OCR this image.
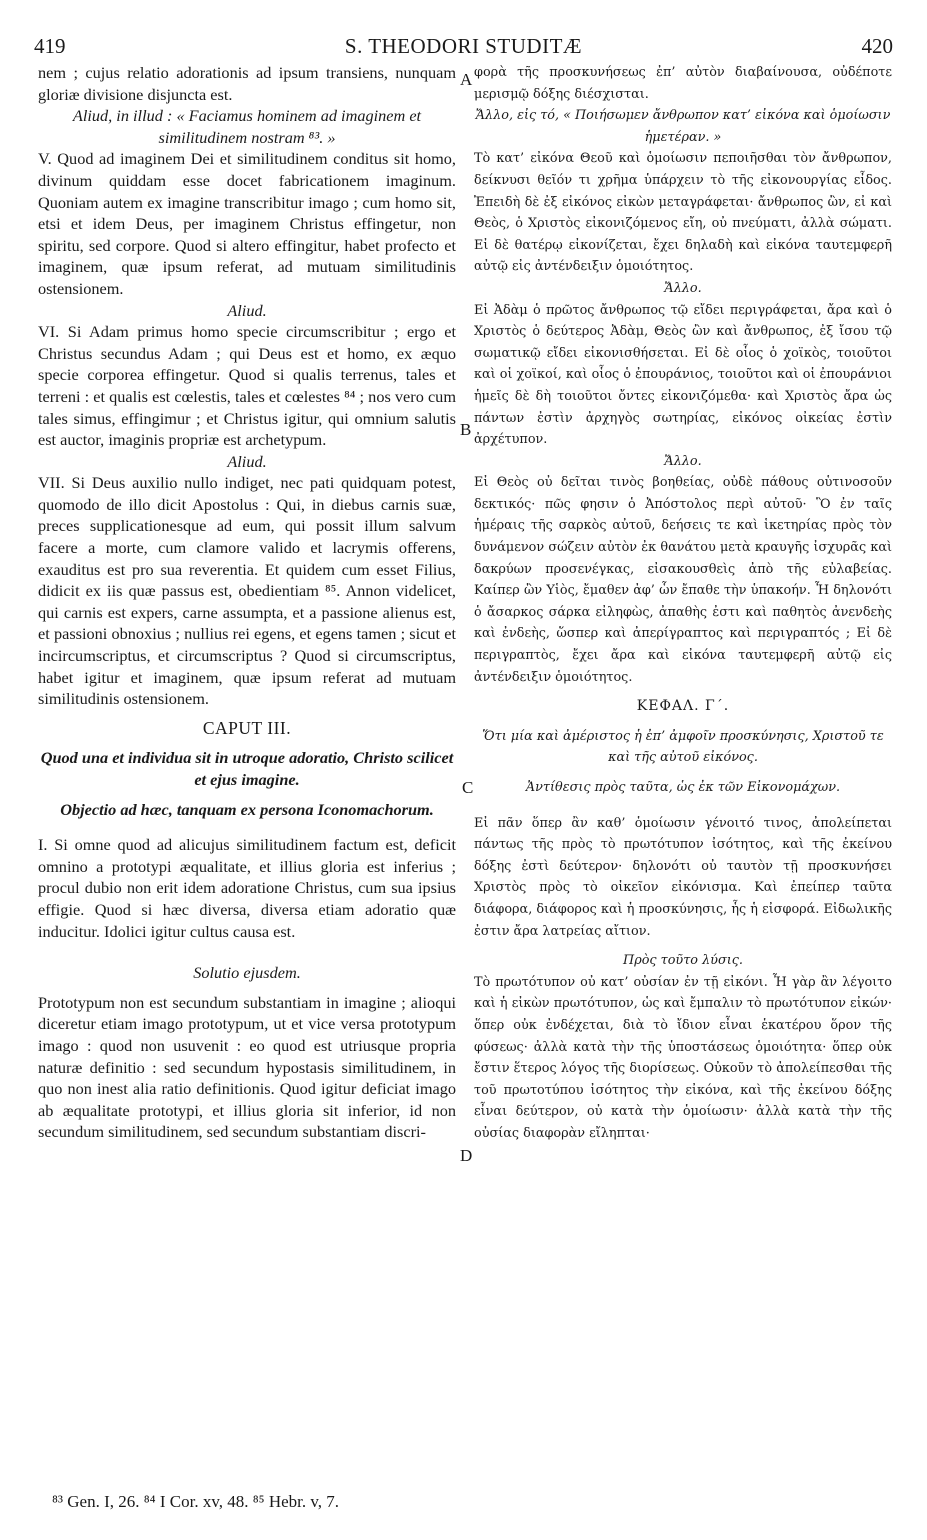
419	S. THEODORI STUDITÆ	420

nem ; cujus relatio adorationis ad ipsum transiens, nunquam gloriæ divisione disjuncta est.

Aliud, in illud : « Faciamus hominem ad imaginem et similitudinem nostram ⁸³. »

V. Quod ad imaginem Dei et similitudinem conditus sit homo, divinum quiddam esse docet fabricationem imaginum. Quoniam autem ex imagine transcribitur imago ; cum homo sit, etsi et idem Deus, per imaginem Christus effingetur, non spiritu, sed corpore. Quod si altero effingitur, habet profecto et imaginem, quæ ipsum referat, ad mutuam similitudinis ostensionem.

Aliud.

VI. Si Adam primus homo specie circumscribitur ; ergo et Christus secundus Adam ; qui Deus est et homo, ex æquo specie corporea effingetur. Quod si qualis terrenus, tales et terreni : et qualis est cœlestis, tales et cœlestes ⁸⁴ ; nos vero cum tales simus, effingimur ; et Christus igitur, qui omnium salutis est auctor, imaginis propriæ est archetypum.

Aliud.

VII. Si Deus auxilio nullo indiget, nec pati quidquam potest, quomodo de illo dicit Apostolus : Qui, in diebus carnis suæ, preces supplicationesque ad eum, qui possit illum salvum facere a morte, cum clamore valido et lacrymis offerens, exauditus est pro sua reverentia. Et quidem cum esset Filius, didicit ex iis quæ passus est, obedientiam ⁸⁵. Annon videlicet, qui carnis est expers, carne assumpta, et a passione alienus est, et passioni obnoxius ; nullius rei egens, et egens tamen ; sicut et incircumscriptus, et circumscriptus ? Quod si circumscriptus, habet igitur et imaginem, quæ ipsum referat ad mutuam similitudinis ostensionem.

CAPUT III.

Quod una et individua sit in utroque adoratio, Christo scilicet et ejus imagine.

Objectio ad hæc, tanquam ex persona Iconomachorum.

I. Si omne quod ad alicujus similitudinem factum est, deficit omnino a prototypi æqualitate, et illius gloria est inferius ; procul dubio non erit idem adoratione Christus, cum sua ipsius effigie. Quod si hæc diversa, diversa etiam adoratio quæ inducitur. Idolici igitur cultus causa est.

Solutio ejusdem.

Prototypum non est secundum substantiam in imagine ; alioqui diceretur etiam imago prototypum, ut et vice versa prototypum imago : quod non usuvenit : eo quod est utriusque propria naturæ definitio : sed secundum hypostasis similitudinem, in quo non inest alia ratio definitionis. Quod igitur deficiat imago ab æqualitate prototypi, et illius gloria sit inferior, id non secundum similitudinem, sed secundum substantiam discri-

φορὰ τῆς προσκυνήσεως ἐπ’ αὐτὸν διαβαίνουσα, οὐδέποτε μερισμῷ δόξης διέσχισται.

Ἄλλο, εἰς τό, « Ποιήσωμεν ἄνθρωπον κατ’ εἰκόνα καὶ ὁμοίωσιν ἡμετέραν. »

Τὸ κατ’ εἰκόνα Θεοῦ καὶ ὁμοίωσιν πεποιῆσθαι τὸν ἄνθρωπον, δείκνυσι θεῖόν τι χρῆμα ὑπάρχειν τὸ τῆς εἰκονουργίας εἶδος. Ἐπειδὴ δὲ ἐξ εἰκόνος εἰκὼν μεταγράφεται· ἄνθρωπος ὢν, εἰ καὶ Θεὸς, ὁ Χριστὸς εἰκονιζόμενος εἴη, οὐ πνεύματι, ἀλλὰ σώματι. Εἰ δὲ θατέρῳ εἰκονίζεται, ἔχει δηλαδὴ καὶ εἰκόνα ταυτεμφερῆ αὐτῷ εἰς ἀντένδειξιν ὁμοιότητος.

Ἄλλο.

Εἰ Ἀδὰμ ὁ πρῶτος ἄνθρωπος τῷ εἴδει περιγράφεται, ἄρα καὶ ὁ Χριστὸς ὁ δεύτερος Ἀδὰμ, Θεὸς ὢν καὶ ἄνθρωπος, ἐξ ἴσου τῷ σωματικῷ εἴδει εἰκονισθήσεται. Εἰ δὲ οἷος ὁ χοϊκὸς, τοιοῦτοι καὶ οἱ χοϊκοί, καὶ οἷος ὁ ἐπουράνιος, τοιοῦτοι καὶ οἱ ἐπουράνιοι ἡμεῖς δὲ δὴ τοιοῦτοι ὄντες εἰκονιζόμεθα· καὶ Χριστὸς ἄρα ὡς πάντων ἐστὶν ἀρχηγὸς σωτηρίας, εἰκόνος οἰκείας ἐστὶν ἀρχέτυπον.

Ἄλλο.

Εἰ Θεὸς οὐ δεῖται τινὸς βοηθείας, οὐδὲ πάθους οὑτινοσοῦν δεκτικός· πῶς φησιν ὁ Ἀπόστολος περὶ αὐτοῦ· Ὃ ἐν ταῖς ἡμέραις τῆς σαρκὸς αὐτοῦ, δεήσεις τε καὶ ἱκετηρίας πρὸς τὸν δυνάμενον σώζειν αὐτὸν ἐκ θανάτου μετὰ κραυγῆς ἰσχυρᾶς καὶ δακρύων προσενέγκας, εἰσακουσθεὶς ἀπὸ τῆς εὐλαβείας. Καίπερ ὢν Υἱὸς, ἔμαθεν ἀφ’ ὧν ἔπαθε τὴν ὑπακοήν. Ἦ δηλονότι ὁ ἄσαρκος σάρκα εἰληφὼς, ἀπαθὴς ἐστι καὶ παθητὸς ἀνενδεὴς καὶ ἐνδεὴς, ὥσπερ καὶ ἀπερίγραπτος καὶ περιγραπτός ; Εἰ δὲ περιγραπτὸς, ἔχει ἄρα καὶ εἰκόνα ταυτεμφερῆ αὐτῷ εἰς ἀντένδειξιν ὁμοιότητος.

ΚΕΦΑΛ. Γ΄.

Ὅτι μία καὶ ἀμέριστος ἡ ἐπ’ ἀμφοῖν προσκύνησις, Χριστοῦ τε καὶ τῆς αὐτοῦ εἰκόνος.

Ἀντίθεσις πρὸς ταῦτα, ὡς ἐκ τῶν Εἰκονομάχων.

Εἰ πᾶν ὅπερ ἂν καθ’ ὁμοίωσιν γένοιτό τινος, ἀπολείπεται πάντως τῆς πρὸς τὸ πρωτότυπον ἰσότητος, καὶ τῆς ἐκείνου δόξης ἐστὶ δεύτερον· δηλονότι οὐ ταυτὸν τῇ προσκυνήσει Χριστὸς πρὸς τὸ οἰκεῖον εἰκόνισμα. Καὶ ἐπείπερ ταῦτα διάφορα, διάφορος καὶ ἡ προσκύνησις, ἧς ἡ εἰσφορά. Εἰδωλικῆς ἐστιν ἄρα λατρείας αἴτιον.

Πρὸς τοῦτο λύσις.

Τὸ πρωτότυπον οὐ κατ’ οὐσίαν ἐν τῇ εἰκόνι. Ἦ γὰρ ἂν λέγοιτο καὶ ἡ εἰκὼν πρωτότυπον, ὡς καὶ ἔμπαλιν τὸ πρωτότυπον εἰκών· ὅπερ οὐκ ἐνδέχεται, διὰ τὸ ἴδιον εἶναι ἑκατέρου ὅρον τῆς φύσεως· ἀλλὰ κατὰ τὴν τῆς ὑποστάσεως ὁμοιότητα· ὅπερ οὐκ ἔστιν ἕτερος λόγος τῆς διορίσεως. Οὐκοῦν τὸ ἀπολείπεσθαι τῆς τοῦ πρωτοτύπου ἰσότητος τὴν εἰκόνα, καὶ τῆς ἐκείνου δόξης εἶναι δεύτερον, οὐ κατὰ τὴν ὁμοίωσιν· ἀλλὰ κατὰ τὴν τῆς οὐσίας διαφορὰν εἴληπται·

A
B
C
D
⁸³ Gen. I, 26. ⁸⁴ I Cor. xv, 48. ⁸⁵ Hebr. v, 7.
